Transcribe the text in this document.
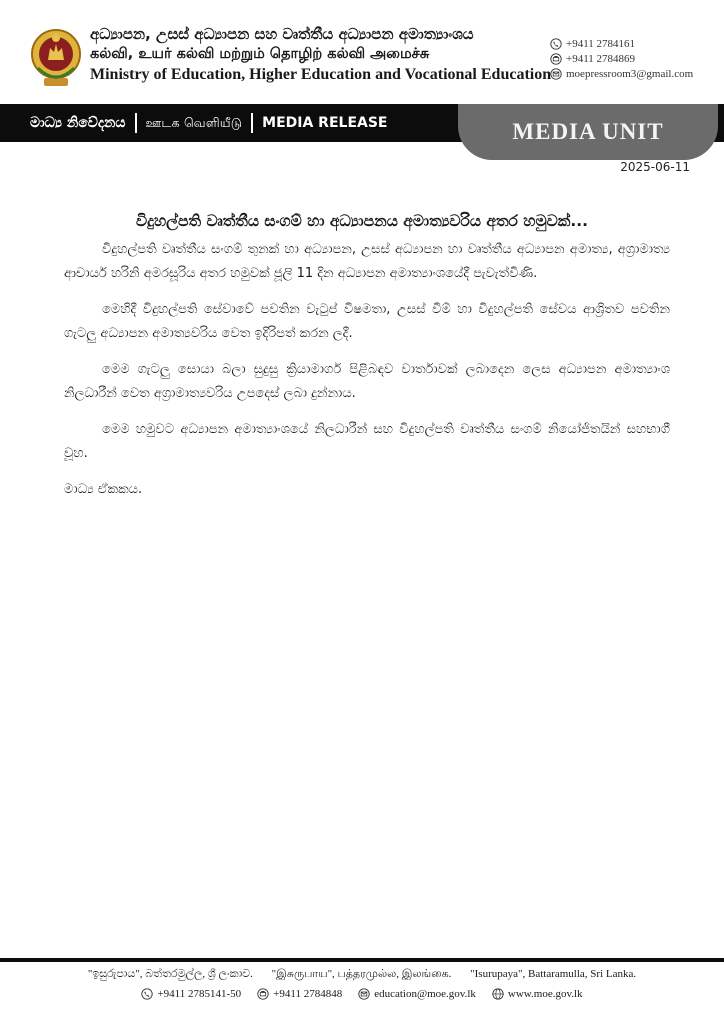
අධ්‍යාපන, උසස් අධ්‍යාපන සහ වෘත්තීය අධ්‍යාපන අමාත්‍යාංශය
கல்வி, உயர் கல்வி மற்றும் தொழிற் கல்வி அமைச்சு
Ministry of Education, Higher Education and Vocational Education
+9411 2784161
+9411 2784869
moepressroom3@gmail.com
මාධ්‍ය නිවේදනය ஊடக வெளியீடு MEDIA RELEASE	MEDIA UNIT
2025-06-11
විදුහල්පති වෘත්තීය සංගම් හා අධ්‍යාපනය අමාත්‍යවරිය අතර හමුවක්...

විදුහල්පති වෘත්තීය සංගම් තුනක් හා අධ්‍යාපන, උසස් අධ්‍යාපන හා වෘත්තීය අධ්‍යාපන අමාත්‍ය, අග්‍රාමාත්‍ය ආචාර්ය හරිනි අමරසූරිය අතර හමුවක් ජූලි 11 දින අධ්‍යාපන අමාත්‍යාංශයේදී පැවැත්විණි.

මෙහිදී විදුහල්පති සේවාවේ පවතින වැටුප් විෂමතා, උසස් වීම් හා විදුහල්පති සේවය ආශ්‍රිතව පවතින ගැටලු අධ්‍යාපන අමාත්‍යවරිය වෙත ඉදිරිපත් කරන ලදී.

මෙම ගැටලු සොයා බලා සුදුසු ක්‍රියාමාර්ග පිළිබඳව වාර්තාවක් ලබාදෙන ලෙස අධ්‍යාපන අමාත්‍යාංශ නිලධාරීන් වෙත අග්‍රාමාත්‍යවරිය උපදෙස් ලබා දුන්නාය.

මෙම හමුවට අධ්‍යාපන අමාත්‍යාංශයේ නිලධාරීන් සහ විදුහල්පති වෘත්තීය සංගම් නියෝජිතයින් සහභාගී වූහ.

මාධ්‍ය ඒකකය.

"ඉසුරුපාය", බත්තරමුල්ල, ශ්‍රී ලංකාව. "இசுருபாய", பத்தரமுல்ல, இலங்கை. "Isurupaya", Battaramulla, Sri Lanka.
+9411 2785141-50	+9411 2784848	education@moe.gov.lk	www.moe.gov.lk
